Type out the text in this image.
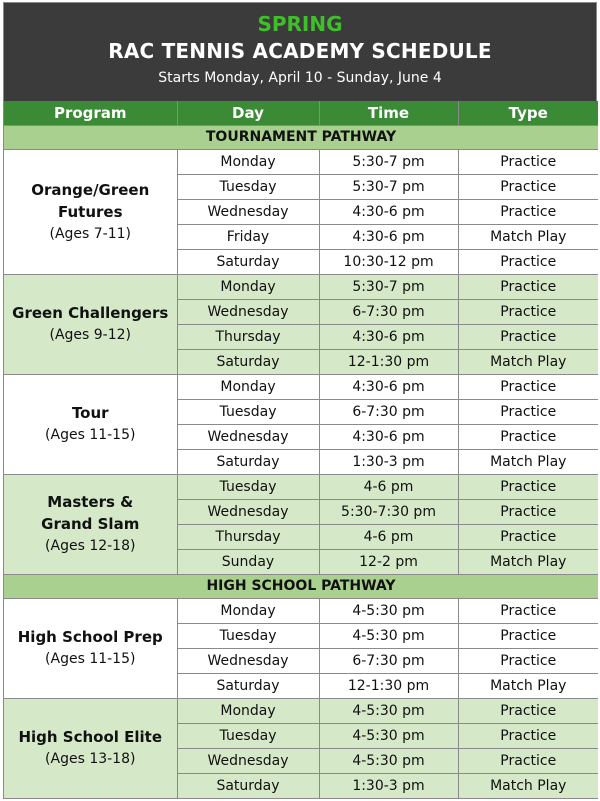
SPRING
RAC TENNIS ACADEMY SCHEDULE
Starts Monday, April 10 - Sunday, June 4
Program	Day	Time	Type
TOURNAMENT PATHWAY			

Orange/Green
Futures
(Ages 7-11)	Monday	5:30-7 pm	Practice
	Tuesday	5:30-7 pm	Practice
	Wednesday	4:30-6 pm	Practice
	Friday	4:30-6 pm	Match Play
	Saturday	10:30-12 pm	Practice

Green Challengers
(Ages 9-12)	Monday	5:30-7 pm	Practice
	Wednesday	6-7:30 pm	Practice
	Thursday	4:30-6 pm	Practice
	Saturday	12-1:30 pm	Match Play

Tour
(Ages 11-15)	Monday	4:30-6 pm	Practice
	Tuesday	6-7:30 pm	Practice
	Wednesday	4:30-6 pm	Practice
	Saturday	1:30-3 pm	Match Play

Masters &
Grand Slam
(Ages 12-18)	Tuesday	4-6 pm	Practice
	Wednesday	5:30-7:30 pm	Practice
	Thursday	4-6 pm	Practice
	Sunday	12-2 pm	Match Play
HIGH SCHOOL PATHWAY			

High School Prep
(Ages 11-15)	Monday	4-5:30 pm	Practice
	Tuesday	4-5:30 pm	Practice
	Wednesday	6-7:30 pm	Practice
	Saturday	12-1:30 pm	Match Play

High School Elite
(Ages 13-18)	Monday	4-5:30 pm	Practice
	Tuesday	4-5:30 pm	Practice
	Wednesday	4-5:30 pm	Practice
	Saturday	1:30-3 pm	Match Play
